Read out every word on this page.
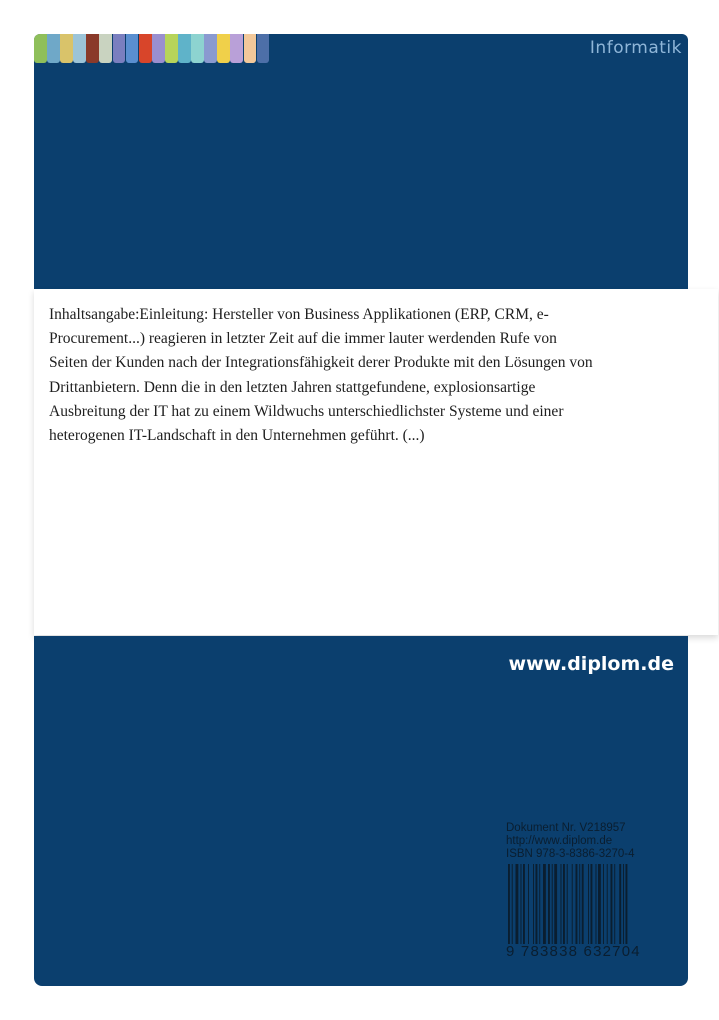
Informatik

Inhaltsangabe:Einleitung: Hersteller von Business Applikationen (ERP, CRM, e-Procurement...) reagieren in letzter Zeit auf die immer lauter werdenden Rufe von Seiten der Kunden nach der Integrationsfähigkeit derer Produkte mit den Lösungen von Drittanbietern. Denn die in den letzten Jahren stattgefundene, explosionsartige Ausbreitung der IT hat zu einem Wildwuchs unterschiedlichster Systeme und einer heterogenen IT-Landschaft in den Unternehmen geführt. (...)

www.diplom.de
Dokument Nr. V218957
http://www.diplom.de
ISBN 978-3-8386-3270-4
9 783838 632704
